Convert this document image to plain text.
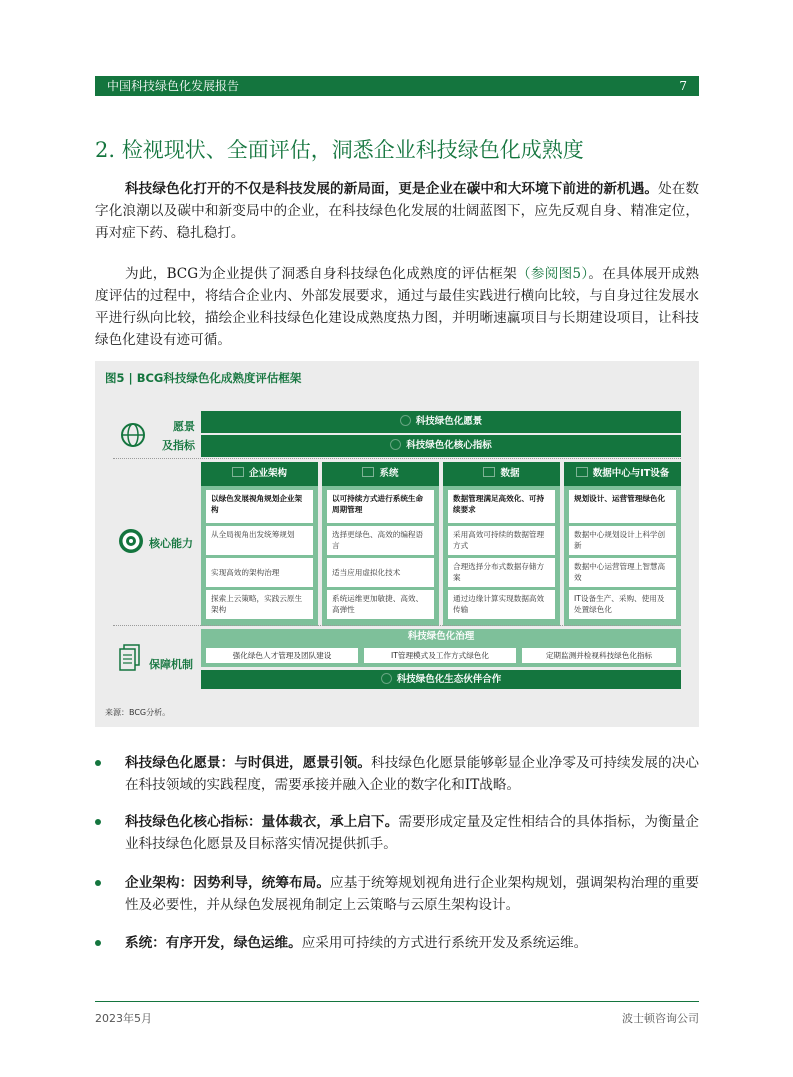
中国科技绿色化发展报告	7
2. 检视现状、全面评估，洞悉企业科技绿色化成熟度

科技绿色化打开的不仅是科技发展的新局面，更是企业在碳中和大环境下前进的新机遇。处在数字化浪潮以及碳中和新变局中的企业，在科技绿色化发展的壮阔蓝图下，应先反观自身、精准定位，再对症下药、稳扎稳打。

为此，BCG为企业提供了洞悉自身科技绿色化成熟度的评估框架（参阅图5）。在具体展开成熟度评估的过程中，将结合企业内、外部发展要求，通过与最佳实践进行横向比较，与自身过往发展水平进行纵向比较，描绘企业科技绿色化建设成熟度热力图，并明晰速赢项目与长期建设项目，让科技绿色化建设有迹可循。

图5 | BCG科技绿色化成熟度评估框架
愿景
及指标
科技绿色化愿景
科技绿色化核心指标
核心能力
企业架构
以绿色发展视角规划企业架构
从全局视角出发统筹规划
实现高效的架构治理
探索上云策略，实践云原生架构
系统
以可持续方式进行系统生命周期管理
选择更绿色、高效的编程语言
适当应用虚拟化技术
系统运维更加敏捷、高效、高弹性
数据
数据管理满足高效化、可持续要求
采用高效可持续的数据管理方式
合理选择分布式数据存储方案
通过边缘计算实现数据高效传输
数据中心与IT设备
规划设计、运营管理绿色化
数据中心规划设计上科学创新
数据中心运营管理上智慧高效
IT设备生产、采购、使用及处置绿色化
保障机制
科技绿色化治理
强化绿色人才管理及团队建设	IT管理模式及工作方式绿色化	定期监测并检视科技绿色化指标
科技绿色化生态伙伴合作
来源：BCG分析。

科技绿色化愿景：与时俱进，愿景引领。科技绿色化愿景能够彰显企业净零及可持续发展的决心在科技领域的实践程度，需要承接并融入企业的数字化和IT战略。

科技绿色化核心指标：量体裁衣，承上启下。需要形成定量及定性相结合的具体指标，为衡量企业科技绿色化愿景及目标落实情况提供抓手。

企业架构：因势利导，统筹布局。应基于统筹规划视角进行企业架构规划，强调架构治理的重要性及必要性，并从绿色发展视角制定上云策略与云原生架构设计。

系统：有序开发，绿色运维。应采用可持续的方式进行系统开发及系统运维。

2023年5月	波士顿咨询公司
